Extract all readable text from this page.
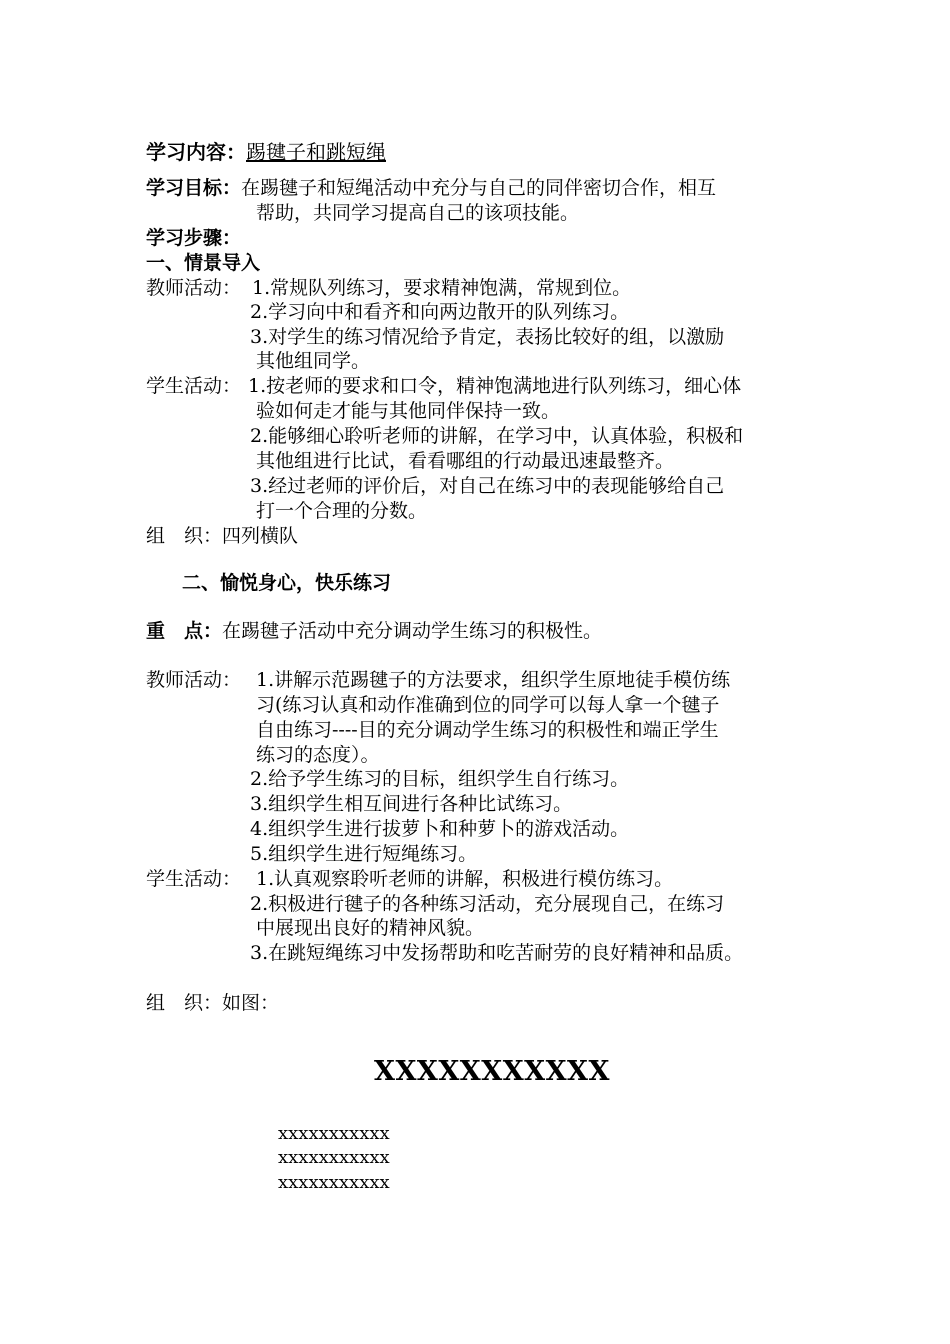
学习内容：踢毽子和跳短绳
学习目标：在踢毽子和短绳活动中充分与自己的同伴密切合作，相互
帮助，共同学习提高自己的该项技能。
学习步骤：
一、情景导入
教师活动： 1.常规队列练习，要求精神饱满，常规到位。
2.学习向中和看齐和向两边散开的队列练习。
3.对学生的练习情况给予肯定，表扬比较好的组，以激励
其他组同学。
学生活动： 1.按老师的要求和口令，精神饱满地进行队列练习，细心体
验如何走才能与其他同伴保持一致。
2.能够细心聆听老师的讲解，在学习中，认真体验，积极和
其他组进行比试，看看哪组的行动最迅速最整齐。
3.经过老师的评价后，对自己在练习中的表现能够给自己
打一个合理的分数。
组　织：四列横队
二、愉悦身心，快乐练习
重　点：在踢毽子活动中充分调动学生练习的积极性。
教师活动： 1.讲解示范踢毽子的方法要求，组织学生原地徒手模仿练
习(练习认真和动作准确到位的同学可以每人拿一个毽子
自由练习----目的充分调动学生练习的积极性和端正学生
练习的态度）。
2.给予学生练习的目标，组织学生自行练习。
3.组织学生相互间进行各种比试练习。
4.组织学生进行拔萝卜和种萝卜的游戏活动。
5.组织学生进行短绳练习。
学生活动： 1.认真观察聆听老师的讲解，积极进行模仿练习。
2.积极进行毽子的各种练习活动，充分展现自己，在练习
中展现出良好的精神风貌。
3.在跳短绳练习中发扬帮助和吃苦耐劳的良好精神和品质。
组　织：如图：
XXXXXXXXXXX
xxxxxxxxxxx
xxxxxxxxxxx
xxxxxxxxxxx
